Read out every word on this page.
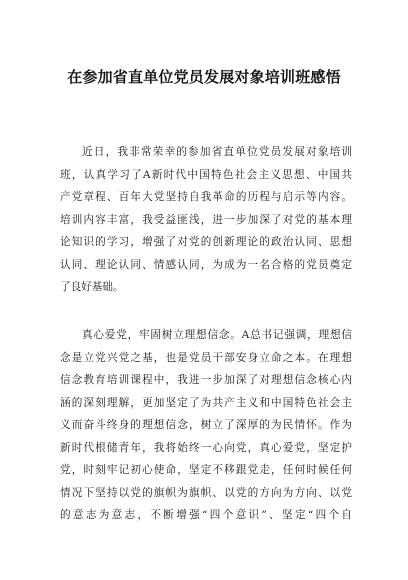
在参加省直单位党员发展对象培训班感悟
近日，我非常荣幸的参加省直单位党员发展对象培训
班，认真学习了A新时代中国特色社会主义思想、中国共
产党章程、百年大党坚持自我革命的历程与启示等内容。
培训内容丰富，我受益匪浅，进一步加深了对党的基本理
论知识的学习，增强了对党的创新理论的政治认同、思想
认同、理论认同、情感认同，为成为一名合格的党员奠定
了良好基础。
真心爱党，牢固树立理想信念。A总书记强调，理想信
念是立党兴党之基，也是党员干部安身立命之本。在理想
信念教育培训课程中，我进一步加深了对理想信念核心内
涵的深刻理解，更加坚定了为共产主义和中国特色社会主
义而奋斗终身的理想信念，树立了深厚的为民情怀。作为
新时代根储青年，我将始终一心向党，真心爱党，坚定护
党，时刻牢记初心使命，坚定不移跟党走，任何时候任何
情况下坚持以党的旗帜为旗帜、以党的方向为方向、以党
的意志为意志，不断增强“四个意识”、坚定“四个自
